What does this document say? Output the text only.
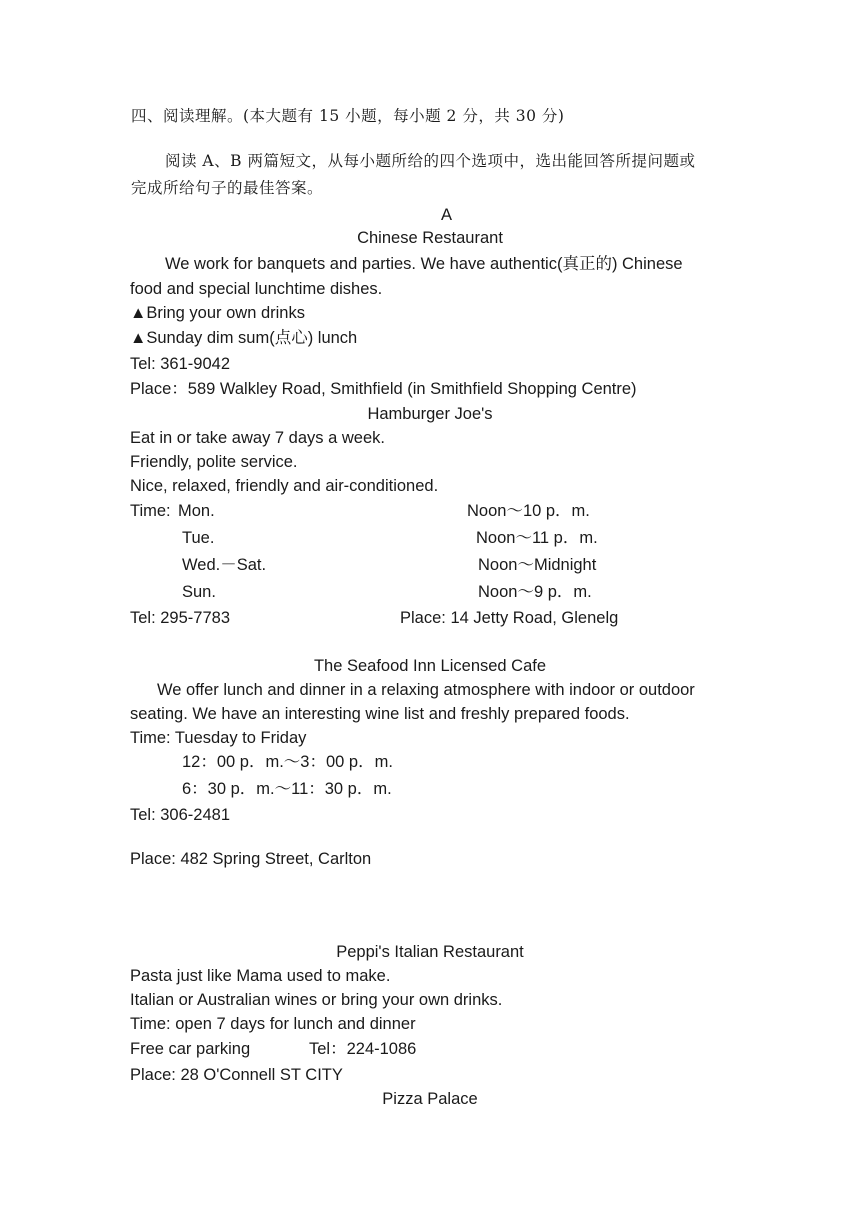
四、阅读理解。(本大题有 15 小题，每小题 2 分，共 30 分)
阅读 A、B 两篇短文，从每小题所给的四个选项中，选出能回答所提问题或
完成所给句子的最佳答案。
A
Chinese Restaurant
We work for banquets and parties. We have authentic(真正的) Chinese
food and special lunchtime dishes.
▲Bring your own drinks
▲Sunday dim sum(点心) lunch
Tel: 361-9042
Place：589 Walkley Road, Smithfield (in Smithfield Shopping Centre)
Hamburger Joe's
Eat in or take away 7 days a week.
Friendly, polite service.
Nice, relaxed, friendly and air-conditioned.
Time: Mon.	Noon～10 p．m.
Tue.	Noon～11 p．m.
Wed.－Sat.	Noon～Midnight
Sun.	Noon～9 p．m.
Tel: 295-7783	Place: 14 Jetty Road, Glenelg
The Seafood Inn Licensed Cafe
We offer lunch and dinner in a relaxing atmosphere with indoor or outdoor
seating. We have an interesting wine list and freshly prepared foods.
Time: Tuesday to Friday
12：00 p．m.～3：00 p．m.
6：30 p．m.～11：30 p．m.
Tel: 306-2481
Place: 482 Spring Street, Carlton
Peppi's Italian Restaurant
Pasta just like Mama used to make.
Italian or Australian wines or bring your own drinks.
Time: open 7 days for lunch and dinner
Free car parking	Tel：224-1086
Place: 28 O'Connell ST CITY
Pizza Palace
